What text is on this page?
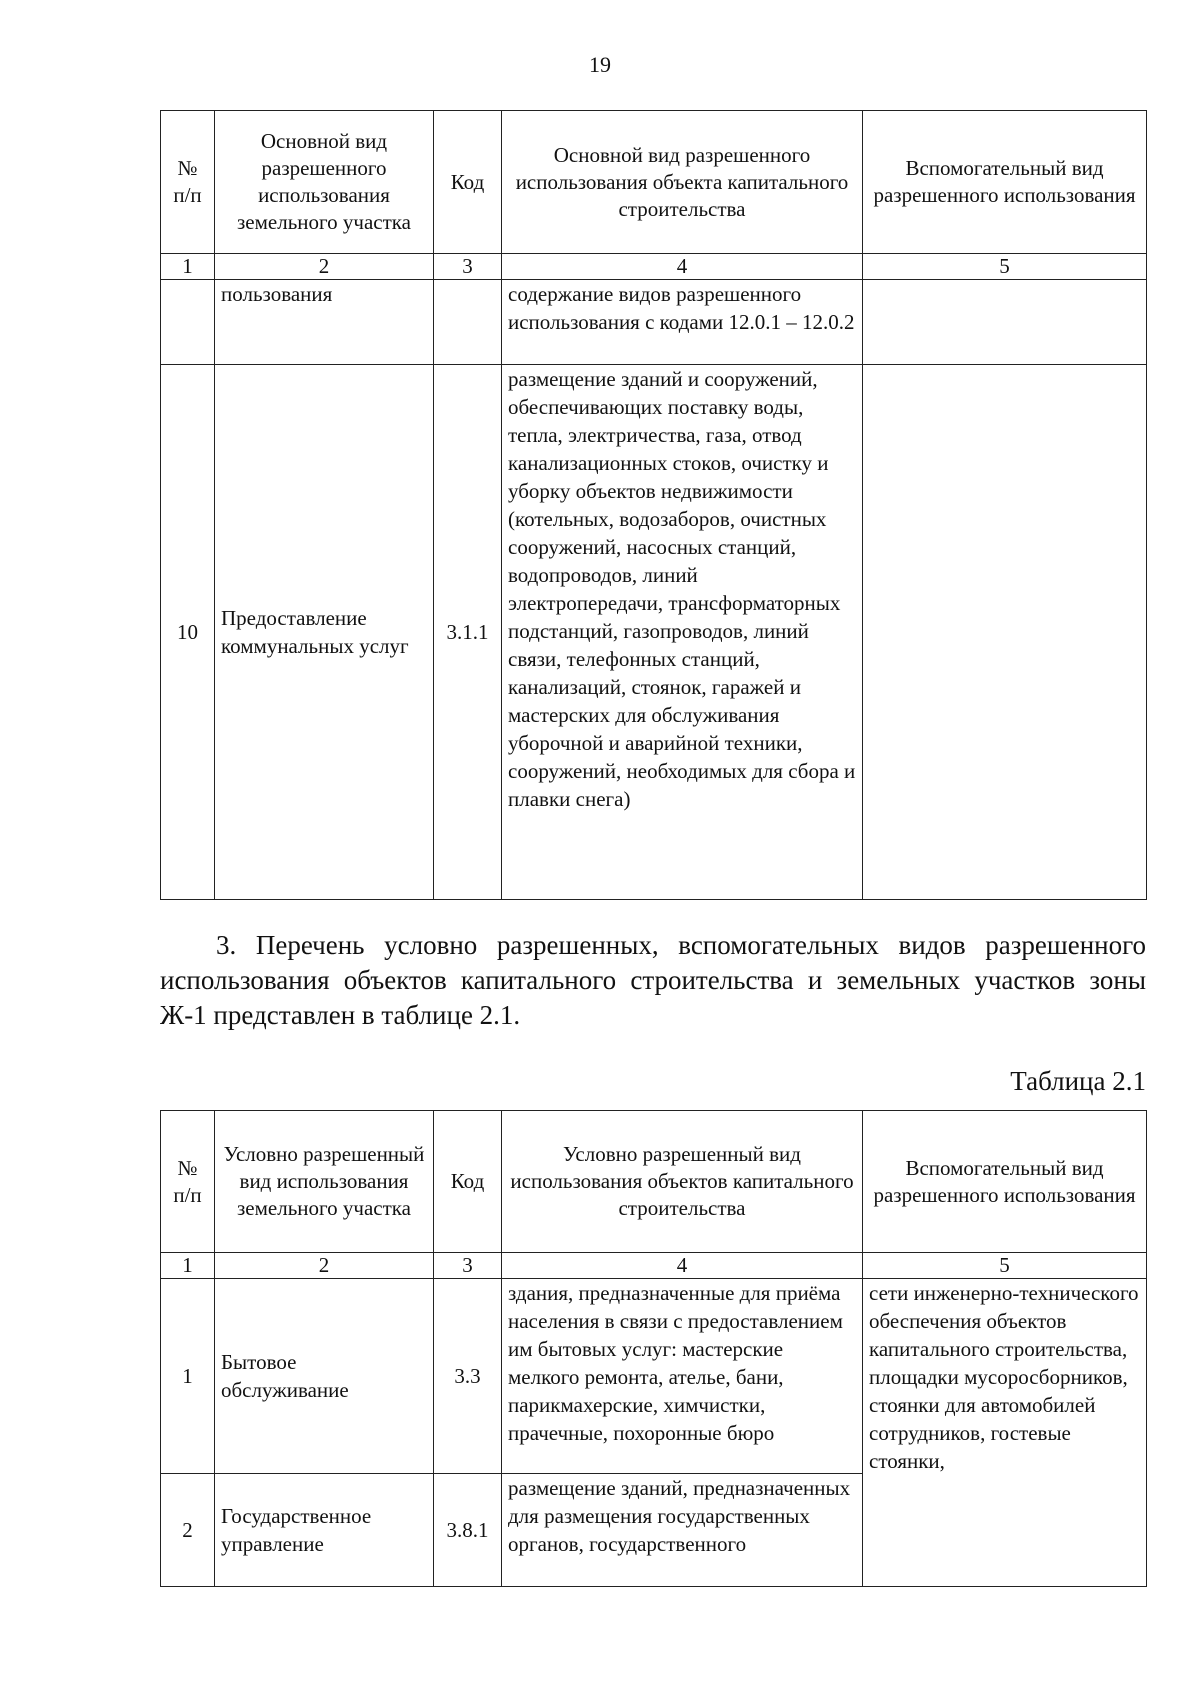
19
№ п/п	Основной вид разрешенного использования земельного участка	Код	Основной вид разрешенного использования объекта капитального строительства	Вспомогательный вид разрешенного использования
1	2	3	4	5
	пользования		содержание видов разрешенного использования с кодами 12.0.1 – 12.0.2	
10	Предоставление коммунальных услуг	3.1.1	размещение зданий и сооружений, обеспечивающих поставку воды, тепла, электричества, газа, отвод канализационных стоков, очистку и уборку объектов недвижимости (котельных, водозаборов, очистных сооружений, насосных станций, водопроводов, линий электропередачи, трансформаторных подстанций, газопроводов, линий связи, телефонных станций, канализаций, стоянок, гаражей и мастерских для обслуживания уборочной и аварийной техники, сооружений, необходимых для сбора и плавки снега)	

3. Перечень условно разрешенных, вспомогательных видов разрешенного использования объектов капитального строительства и земельных участков зоны Ж-1 представлен в таблице 2.1.

Таблица 2.1
№ п/п	Условно разрешенный вид использования земельного участка	Код	Условно разрешенный вид использования объектов капитального строительства	Вспомогательный вид разрешенного использования
1	2	3	4	5
1	Бытовое обслуживание	3.3	здания, предназначенные для приёма населения в связи с предоставлением им бытовых услуг: мастерские мелкого ремонта, ателье, бани, парикмахерские, химчистки, прачечные, похоронные бюро	сети инженерно-технического обеспечения объектов капитального строительства, площадки мусоросборников, стоянки для автомобилей сотрудников, гостевые стоянки,
2	Государственное управление	3.8.1	размещение зданий, предназначенных для размещения государственных органов, государственного	
